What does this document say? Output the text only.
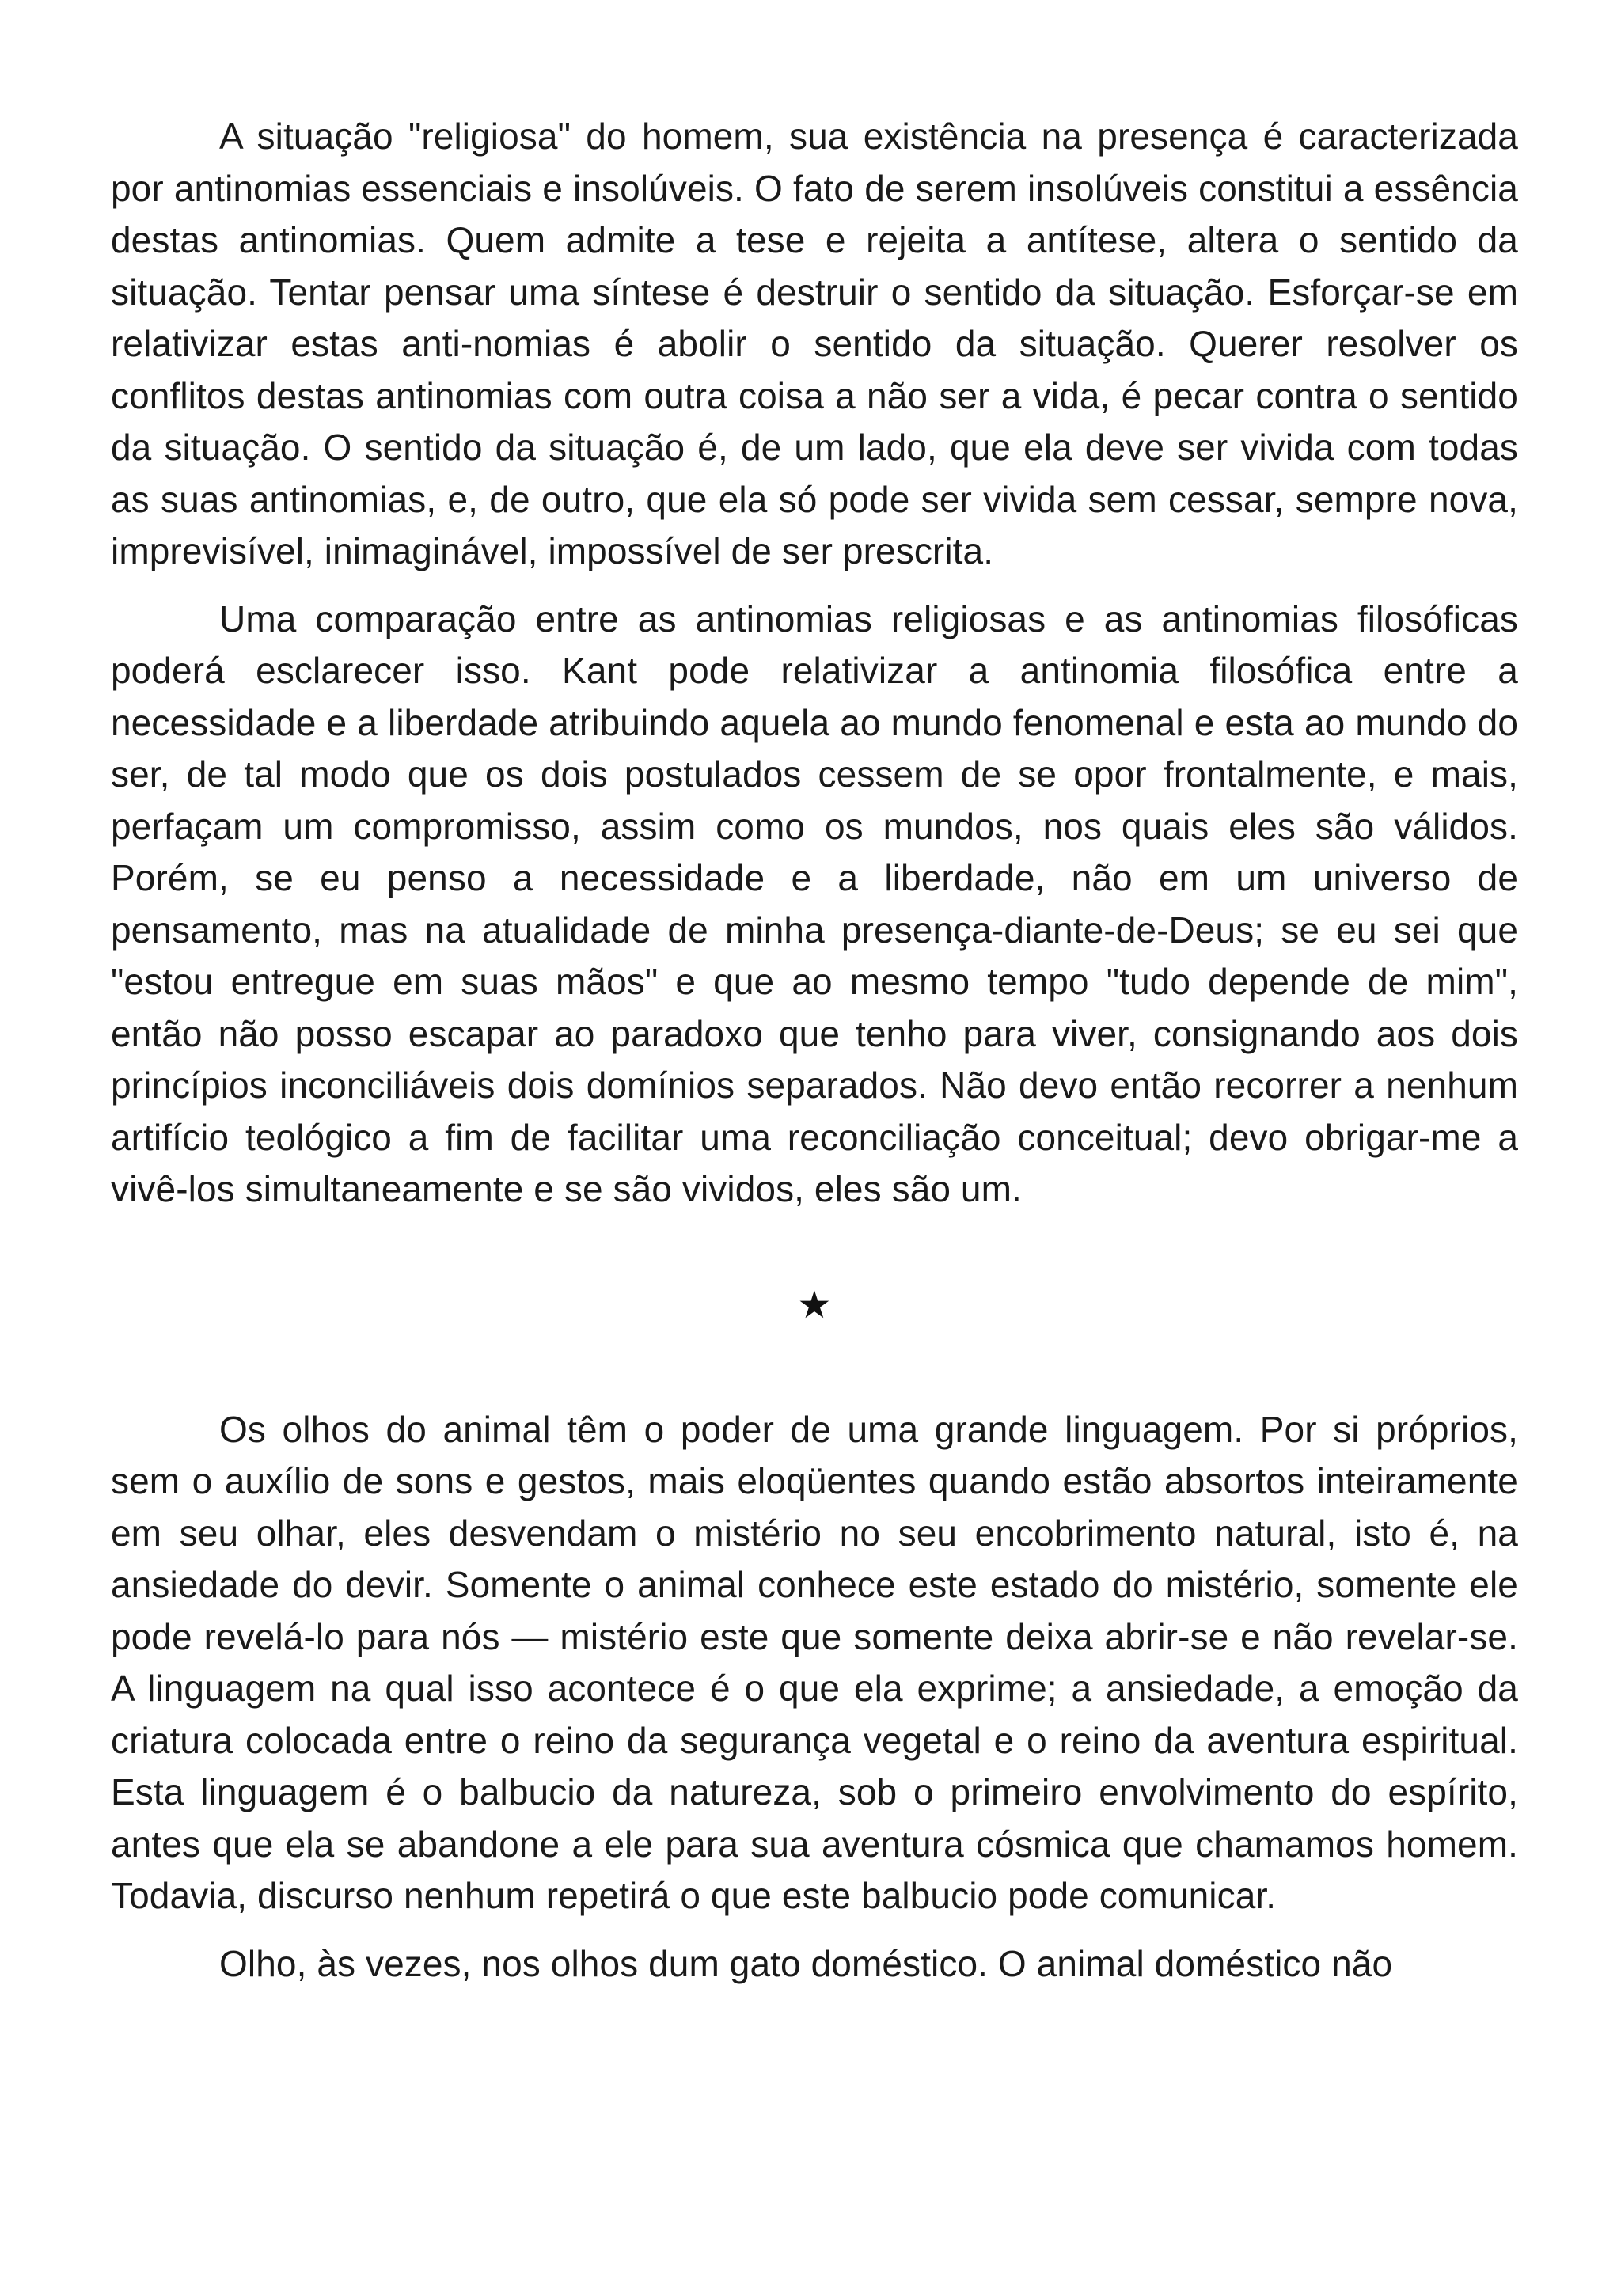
A situação "religiosa" do homem, sua existência na presença é caracterizada por antinomias essenciais e insolúveis. O fato de serem insolúveis constitui a essência destas antinomias. Quem admite a tese e rejeita a antítese, altera o sentido da situação. Tentar pensar uma síntese é destruir o sentido da situação. Esforçar-se em relativizar estas anti-nomias é abolir o sentido da situação. Querer resolver os conflitos destas antinomias com outra coisa a não ser a vida, é pecar contra o sentido da situação. O sentido da situação é, de um lado, que ela deve ser vivida com todas as suas antinomias, e, de outro, que ela só pode ser vivida sem cessar, sempre nova, imprevisível, inimaginável, impossível de ser prescrita.

Uma comparação entre as antinomias religiosas e as antinomias filosóficas poderá esclarecer isso. Kant pode relativizar a antinomia filosófica entre a necessidade e a liberdade atribuindo aquela ao mundo fenomenal e esta ao mundo do ser, de tal modo que os dois postulados cessem de se opor frontalmente, e mais, perfaçam um compromisso, assim como os mundos, nos quais eles são válidos. Porém, se eu penso a necessidade e a liberdade, não em um universo de pensamento, mas na atualidade de minha presença-diante-de-Deus; se eu sei que "estou entregue em suas mãos" e que ao mesmo tempo "tudo depende de mim", então não posso escapar ao paradoxo que tenho para viver, consignando aos dois princípios inconciliáveis dois domínios separados. Não devo então recorrer a nenhum artifício teológico a fim de facilitar uma reconciliação conceitual; devo obrigar-me a vivê-los simultaneamente e se são vividos, eles são um.

★

Os olhos do animal têm o poder de uma grande linguagem. Por si próprios, sem o auxílio de sons e gestos, mais eloqüentes quando estão absortos inteiramente em seu olhar, eles desvendam o mistério no seu encobrimento natural, isto é, na ansiedade do devir. Somente o animal conhece este estado do mistério, somente ele pode revelá-lo para nós — mistério este que somente deixa abrir-se e não revelar-se. A linguagem na qual isso acontece é o que ela exprime; a ansiedade, a emoção da criatura colocada entre o reino da segurança vegetal e o reino da aventura espiritual. Esta linguagem é o balbucio da natureza, sob o primeiro envolvimento do espírito, antes que ela se abandone a ele para sua aventura cósmica que chamamos homem. Todavia, discurso nenhum repetirá o que este balbucio pode comunicar.

Olho, às vezes, nos olhos dum gato doméstico. O animal doméstico não
